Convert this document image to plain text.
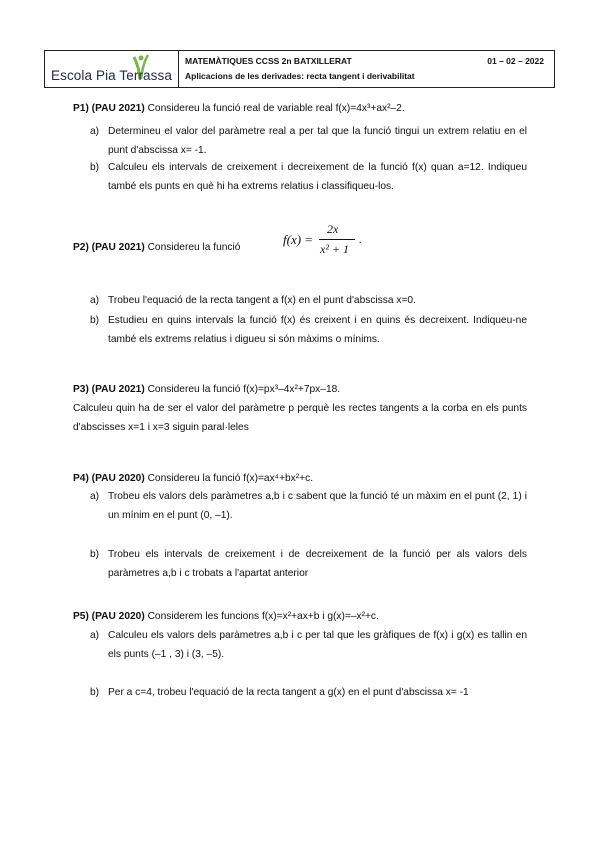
Escola Pia Terrassa
MATEMÀTIQUES CCSS 2n BATXILLERAT
Aplicacions de les derivades: recta tangent i derivabilitat
01 – 02 – 2022
P1) (PAU 2021) Considereu la funció real de variable real f(x)=4x³+ax²–2.
a) Determineu el valor del paràmetre real a per tal que la funció tingui un extrem relatiu en el punt d'abscissa x= -1.
b) Calculeu els intervals de creixement i decreixement de la funció f(x) quan a=12. Indiqueu també els punts en què hi ha extrems relatius i classifiqueu-los.
P2) (PAU 2021) Considereu la funció
f(x) =
2x
x² + 1
.
a) Trobeu l'equació de la recta tangent a f(x) en el punt d'abscissa x=0.
b) Estudieu en quins intervals la funció f(x) és creixent i en quins és decreixent. Indiqueu-ne també els extrems relatius i digueu si són màxims o mínims.
P3) (PAU 2021) Considereu la funció f(x)=px³–4x²+7px–18.
Calculeu quin ha de ser el valor del paràmetre p perquè les rectes tangents a la corba en els punts d'abscisses x=1 i x=3 siguin paral·leles
P4) (PAU 2020) Considereu la funció f(x)=ax⁴+bx²+c.
a) Trobeu els valors dels paràmetres a,b i c sabent que la funció té un màxim en el punt (2, 1) i un mínim en el punt (0, –1).
b) Trobeu els intervals de creixement i de decreixement de la funció per als valors dels paràmetres a,b i c trobats a l'apartat anterior
P5) (PAU 2020) Considerem les funcions f(x)=x²+ax+b i g(x)=–x²+c.
a) Calculeu els valors dels paràmetres a,b i c per tal que les gràfiques de f(x) i g(x) es tallin en els punts (–1 , 3) i (3, –5).
b) Per a c=4, trobeu l'equació de la recta tangent a g(x) en el punt d'abscissa x= -1
